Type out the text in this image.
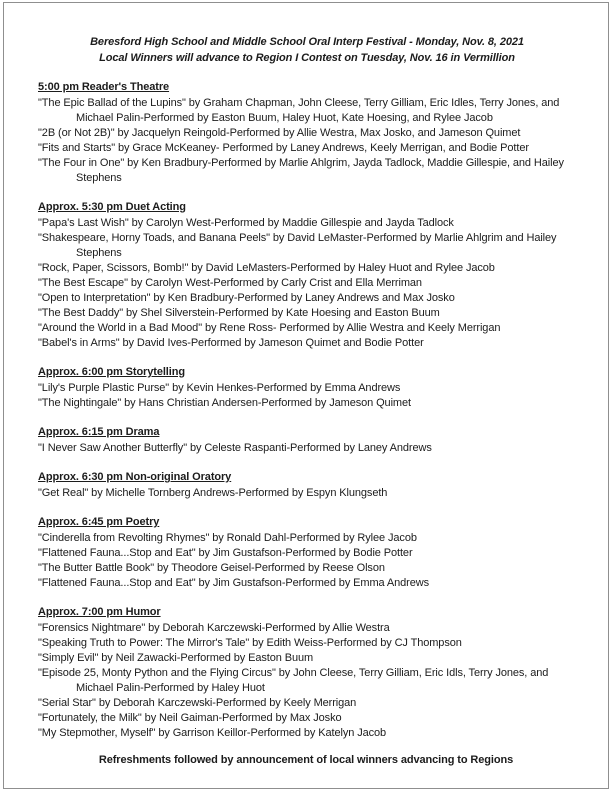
Beresford High School and Middle School Oral Interp Festival - Monday, Nov. 8, 2021
Local Winners will advance to Region I Contest on Tuesday, Nov. 16 in Vermillion
5:00 pm Reader's Theatre
"The Epic Ballad of the Lupins" by Graham Chapman, John Cleese, Terry Gilliam, Eric Idles, Terry Jones, and Michael Palin-Performed by Easton Buum, Haley Huot, Kate Hoesing, and Rylee Jacob
"2B (or Not 2B)" by Jacquelyn Reingold-Performed by Allie Westra, Max Josko, and Jameson Quimet
"Fits and Starts" by Grace McKeaney- Performed by Laney Andrews, Keely Merrigan, and Bodie Potter
"The Four in One" by Ken Bradbury-Performed by Marlie Ahlgrim, Jayda Tadlock, Maddie Gillespie, and Hailey Stephens
Approx. 5:30 pm Duet Acting
"Papa's Last Wish" by Carolyn West-Performed by Maddie Gillespie and Jayda Tadlock
"Shakespeare, Horny Toads, and Banana Peels" by David LeMaster-Performed by Marlie Ahlgrim and Hailey Stephens
"Rock, Paper, Scissors, Bomb!" by David LeMasters-Performed by Haley Huot and Rylee Jacob
"The Best Escape" by Carolyn West-Performed by Carly Crist and Ella Merriman
"Open to Interpretation" by Ken Bradbury-Performed by Laney Andrews and Max Josko
"The Best Daddy" by Shel Silverstein-Performed by Kate Hoesing and Easton Buum
"Around the World in a Bad Mood" by Rene Ross- Performed by Allie Westra and Keely Merrigan
"Babel's in Arms" by David Ives-Performed by Jameson Quimet and Bodie Potter
Approx. 6:00 pm Storytelling
"Lily's Purple Plastic Purse" by Kevin Henkes-Performed by Emma Andrews
"The Nightingale" by Hans Christian Andersen-Performed by Jameson Quimet
Approx. 6:15 pm Drama
"I Never Saw Another Butterfly" by Celeste Raspanti-Performed by Laney Andrews
Approx. 6:30 pm Non-original Oratory
"Get Real" by Michelle Tornberg Andrews-Performed by Espyn Klungseth
Approx. 6:45 pm Poetry
"Cinderella from Revolting Rhymes" by Ronald Dahl-Performed by Rylee Jacob
"Flattened Fauna...Stop and Eat" by Jim Gustafson-Performed by Bodie Potter
"The Butter Battle Book" by Theodore Geisel-Performed by Reese Olson
"Flattened Fauna...Stop and Eat" by Jim Gustafson-Performed by Emma Andrews
Approx. 7:00 pm Humor
"Forensics Nightmare" by Deborah Karczewski-Performed by Allie Westra
"Speaking Truth to Power: The Mirror's Tale" by Edith Weiss-Performed by CJ Thompson
"Simply Evil" by Neil Zawacki-Performed by Easton Buum
"Episode 25, Monty Python and the Flying Circus" by John Cleese, Terry Gilliam, Eric Idls, Terry Jones, and Michael Palin-Performed by Haley Huot
"Serial Star" by Deborah Karczewski-Performed by Keely Merrigan
"Fortunately, the Milk" by Neil Gaiman-Performed by Max Josko
"My Stepmother, Myself" by Garrison Keillor-Performed by Katelyn Jacob
Refreshments followed by announcement of local winners advancing to Regions
